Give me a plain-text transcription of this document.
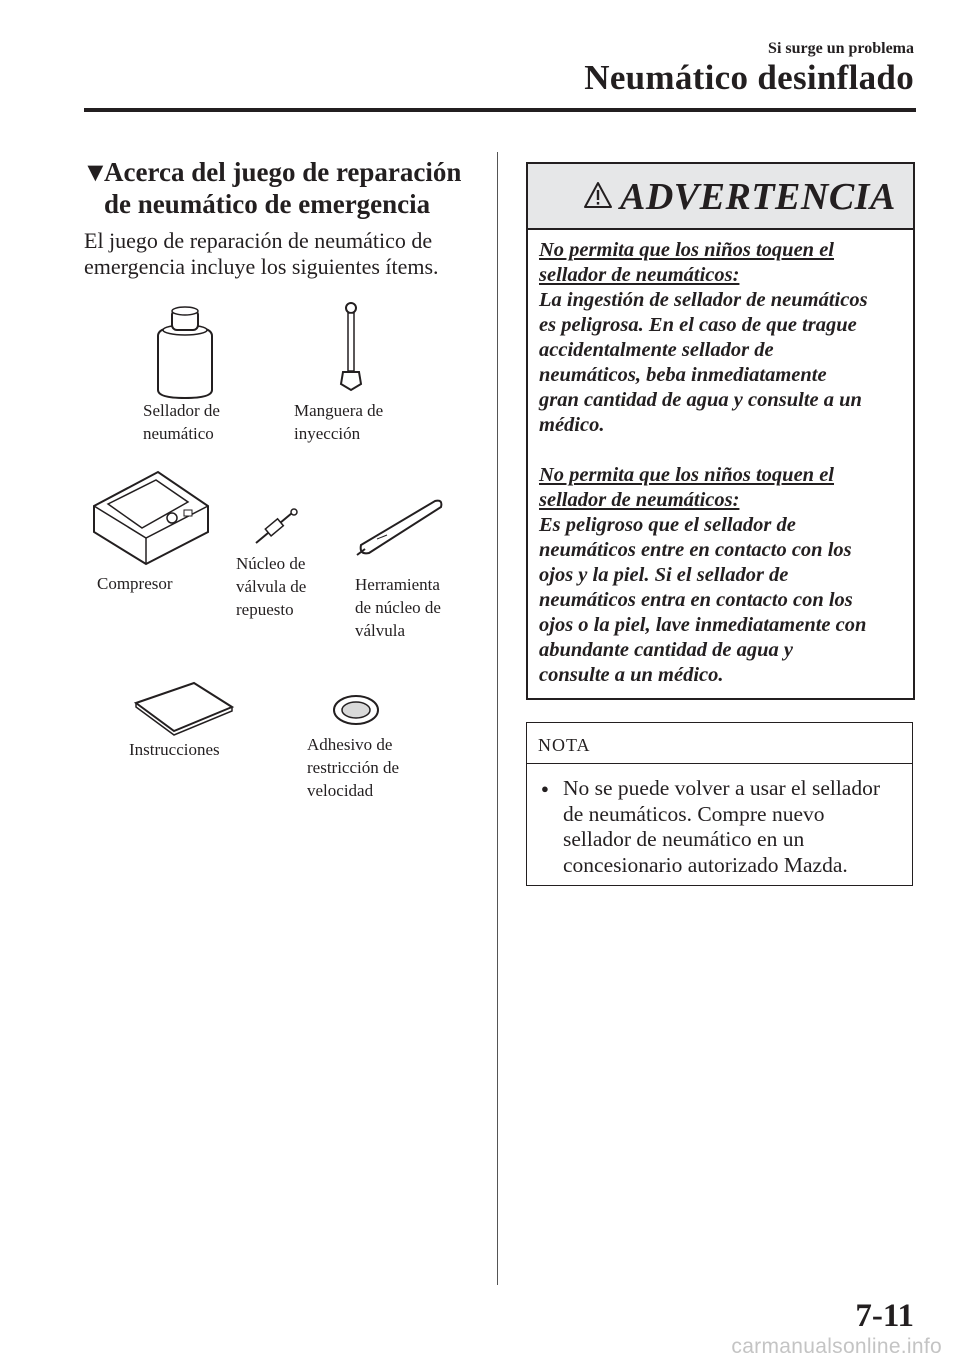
Si surge un problema
Neumático desinflado
▼
Acerca del juego de reparación
de neumático de emergencia
El juego de reparación de neumático de
emergencia incluye los siguientes ítems.
Sellador de
neumático
Manguera de
inyección
Compresor
Núcleo de
válvula de
repuesto
Herramienta
de núcleo de
válvula
Instrucciones	Adhesivo de
restricción de
velocidad
ADVERTENCIA

No permita que los niños toquen el

sellador de neumáticos:

La ingestión de sellador de neumáticos

es peligrosa. En el caso de que trague

accidentalmente sellador de

neumáticos, beba inmediatamente

gran cantidad de agua y consulte a un

médico.

No permita que los niños toquen el

sellador de neumáticos:

Es peligroso que el sellador de

neumáticos entre en contacto con los

ojos y la piel. Si el sellador de

neumáticos entra en contacto con los

ojos o la piel, lave inmediatamente con

abundante cantidad de agua y

consulte a un médico.

NOTA
● No se puede volver a usar el sellador
de neumáticos. Compre nuevo
sellador de neumático en un
concesionario autorizado Mazda.
7-11
carmanualsonline.info
